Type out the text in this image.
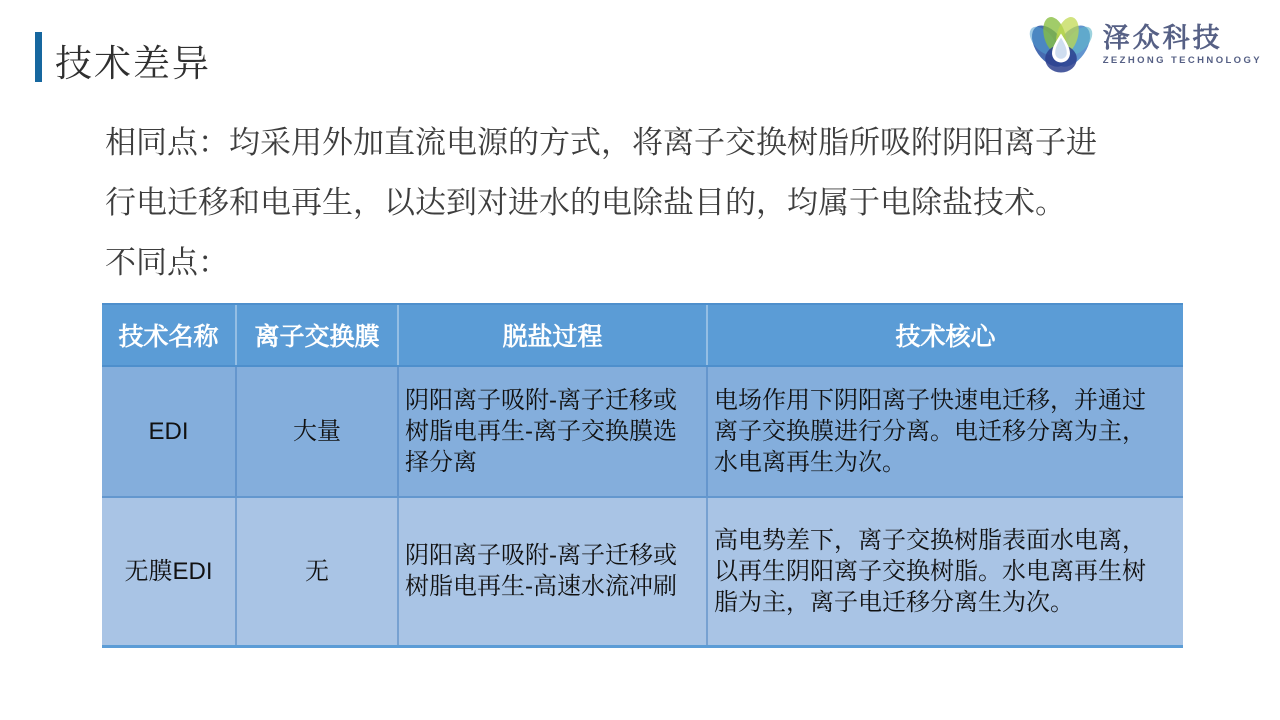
技术差异
泽众科技
ZEZHONG TECHNOLOGY
相同点：均采用外加直流电源的方式，将离子交换树脂所吸附阴阳离子进
行电迁移和电再生，以达到对进水的电除盐目的，均属于电除盐技术。
不同点：
技术名称	离子交换膜	脱盐过程	技术核心
EDI	大量	阴阳离子吸附-离子迁移或树脂电再生-离子交换膜选择分离	电场作用下阴阳离子快速电迁移，并通过离子交换膜进行分离。电迁移分离为主，水电离再生为次。

无膜EDI	无	阴阳离子吸附-离子迁移或树脂电再生-高速水流冲刷	高电势差下，离子交换树脂表面水电离，以再生阴阳离子交换树脂。水电离再生树脂为主，离子电迁移分离生为次。
